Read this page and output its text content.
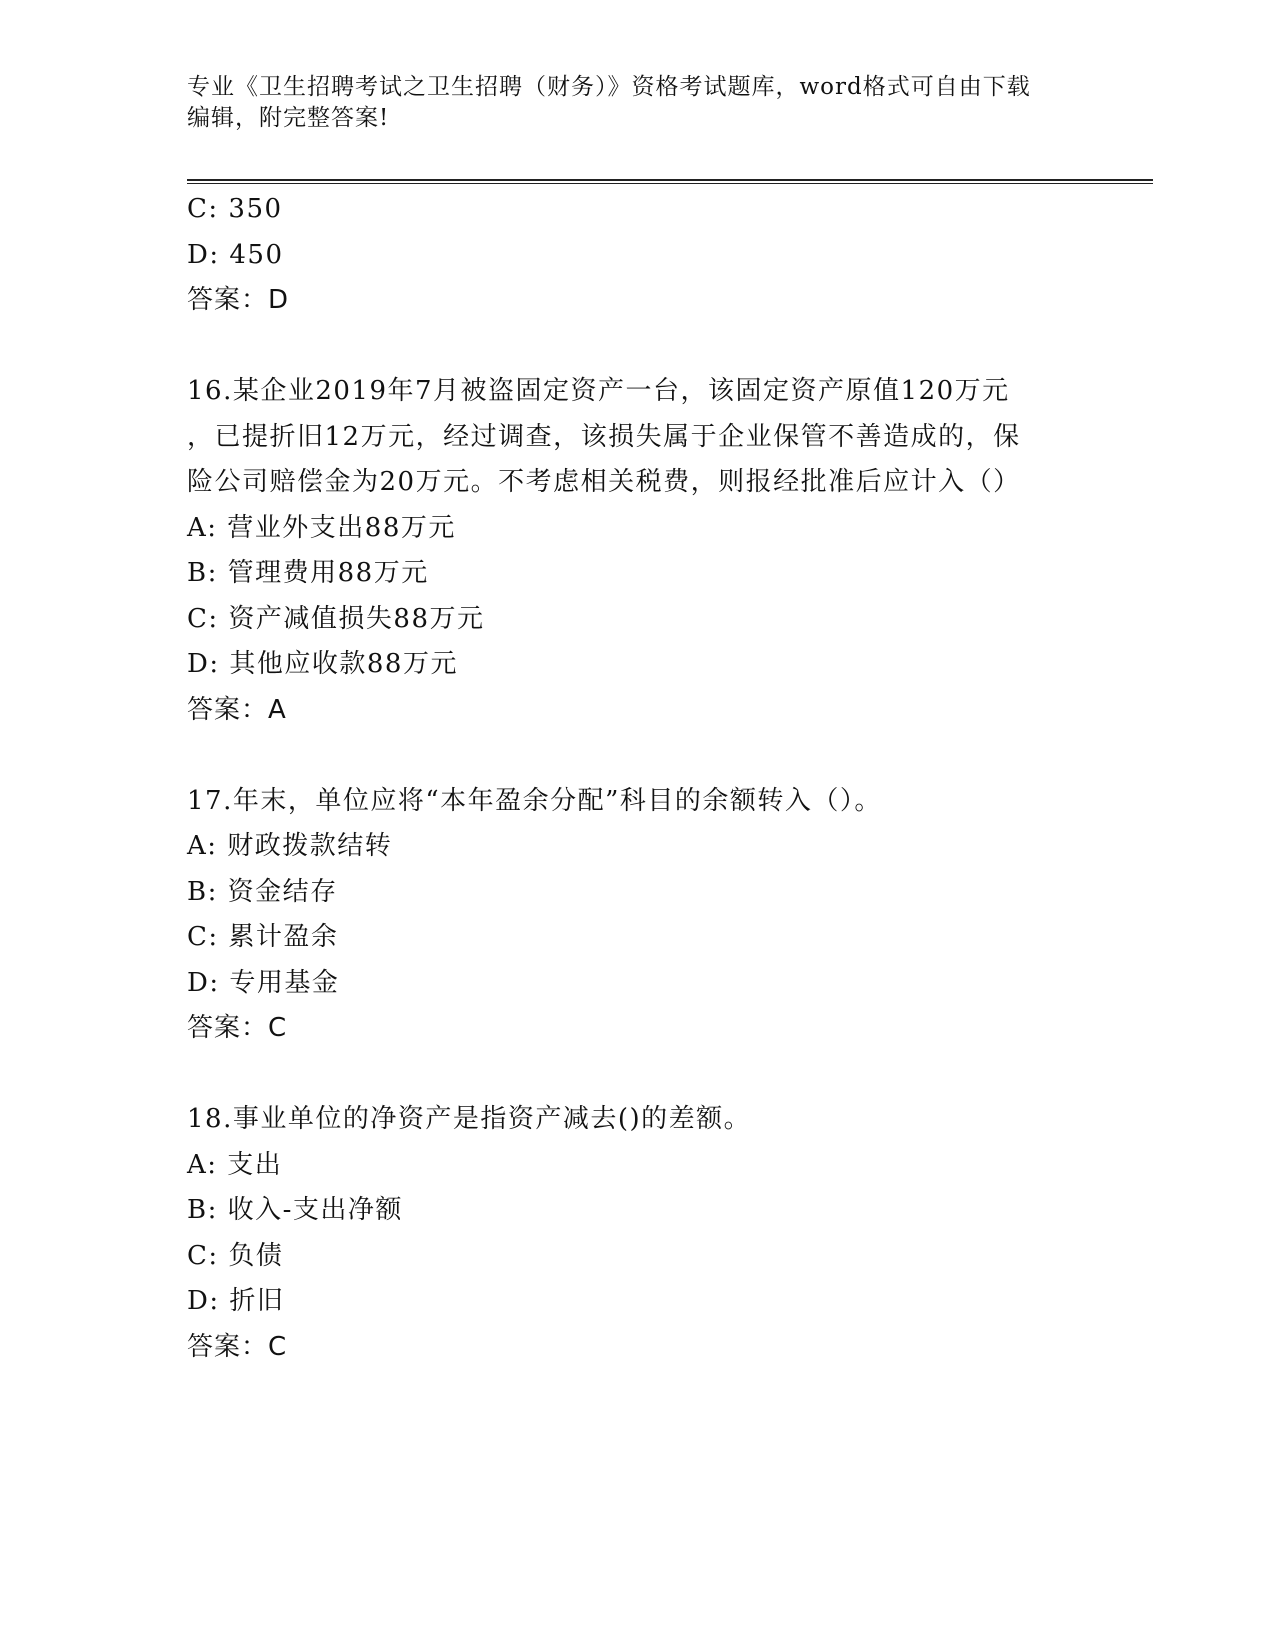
专业《卫生招聘考试之卫生招聘（财务）》资格考试题库，word格式可自由下载
编辑，附完整答案!
C: 350
D: 450
答案：D
16.某企业2019年7月被盗固定资产一台，该固定资产原值120万元
，已提折旧12万元，经过调查，该损失属于企业保管不善造成的，保
险公司赔偿金为20万元。不考虑相关税费，则报经批准后应计入（）
A: 营业外支出88万元
B: 管理费用88万元
C: 资产减值损失88万元
D: 其他应收款88万元
答案：A
17.年末，单位应将“本年盈余分配”科目的余额转入（）。
A: 财政拨款结转
B: 资金结存
C: 累计盈余
D: 专用基金
答案：C
18.事业单位的净资产是指资产减去()的差额。
A: 支出
B: 收入-支出净额
C: 负债
D: 折旧
答案：C
